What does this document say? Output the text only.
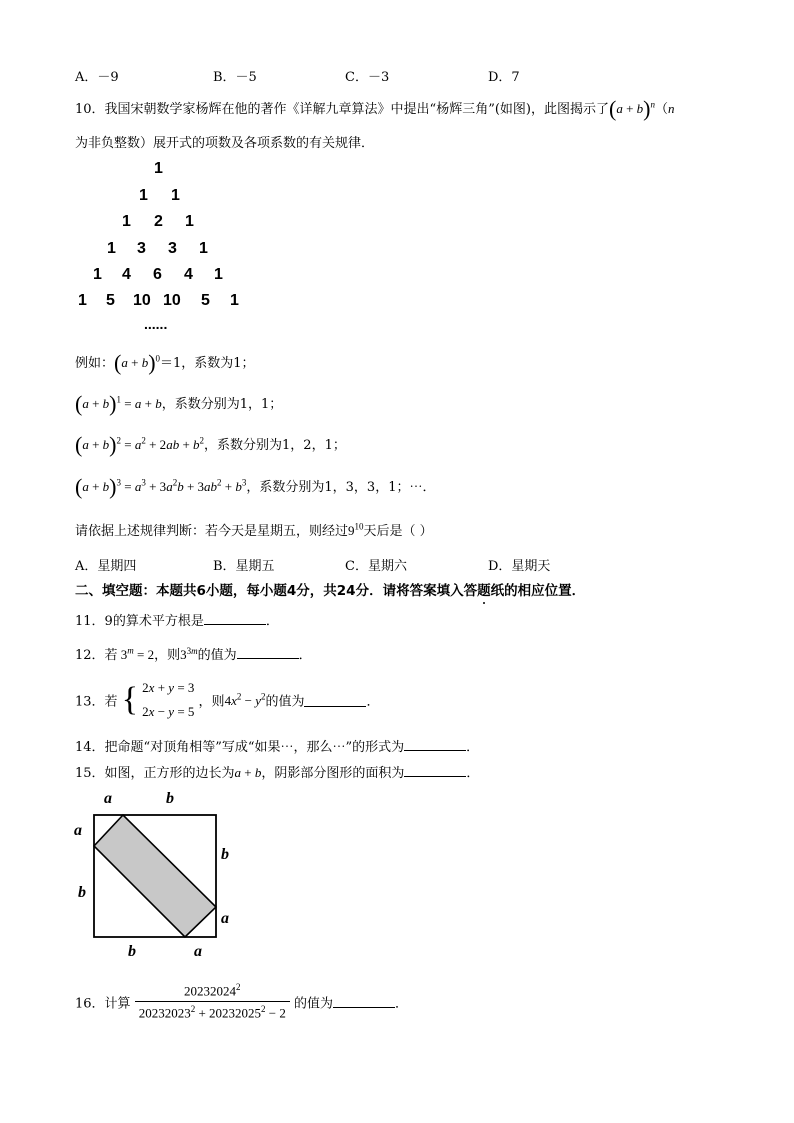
A．－9	B．－5	C．－3	D．7
10．我国宋朝数学家杨辉在他的著作《详解九章算法》中提出“杨辉三角”(如图)，此图揭示了$(a + b)^n(n$
为非负整数）展开式的项数及各项系数的有关规律．
1
1 1
1 2 1
1 3 3 1
1 4 6 4 1
1 5 10 10 5 1
......
例如：$(a + b)^0=1$，系数为1；
$(a + b)^1 = a + b$，系数分别为1，1；
$(a + b)^2 = a^2 + 2ab + b^2$，系数分别为1，2，1；
$(a + b)^3 = a^3 + 3a^2b + 3ab^2 + b^3$，系数分别为1，3，3，1；⋯．
请依据上述规律判断：若今天是星期五，则经过$9^{10}$天后是（ ）
A．星期四	B．星期五	C．星期六	D．星期天
二、填空题：本题共6小题，每小题4分，共24分．请将答案填入答题纸的相应位置．
11．9的算术平方根是	．
12．若 $3^m = 2$，则$3^{3m}$的值为	．
13．若 { 2x + y = 3
2x − y = 5
，则$4x^2 - y^2$的值为	．
14．把命题“对顶角相等”写成“如果⋯，那么⋯”的形式为	．
15．如图，正方形的边长为a + b，阴影部分图形的面积为	．
a	b
a
b
b
a
b	a
16．计算 $\frac{20232024^2}{20232023^2 + 20232025^2 - 2}$ 的值为	．
